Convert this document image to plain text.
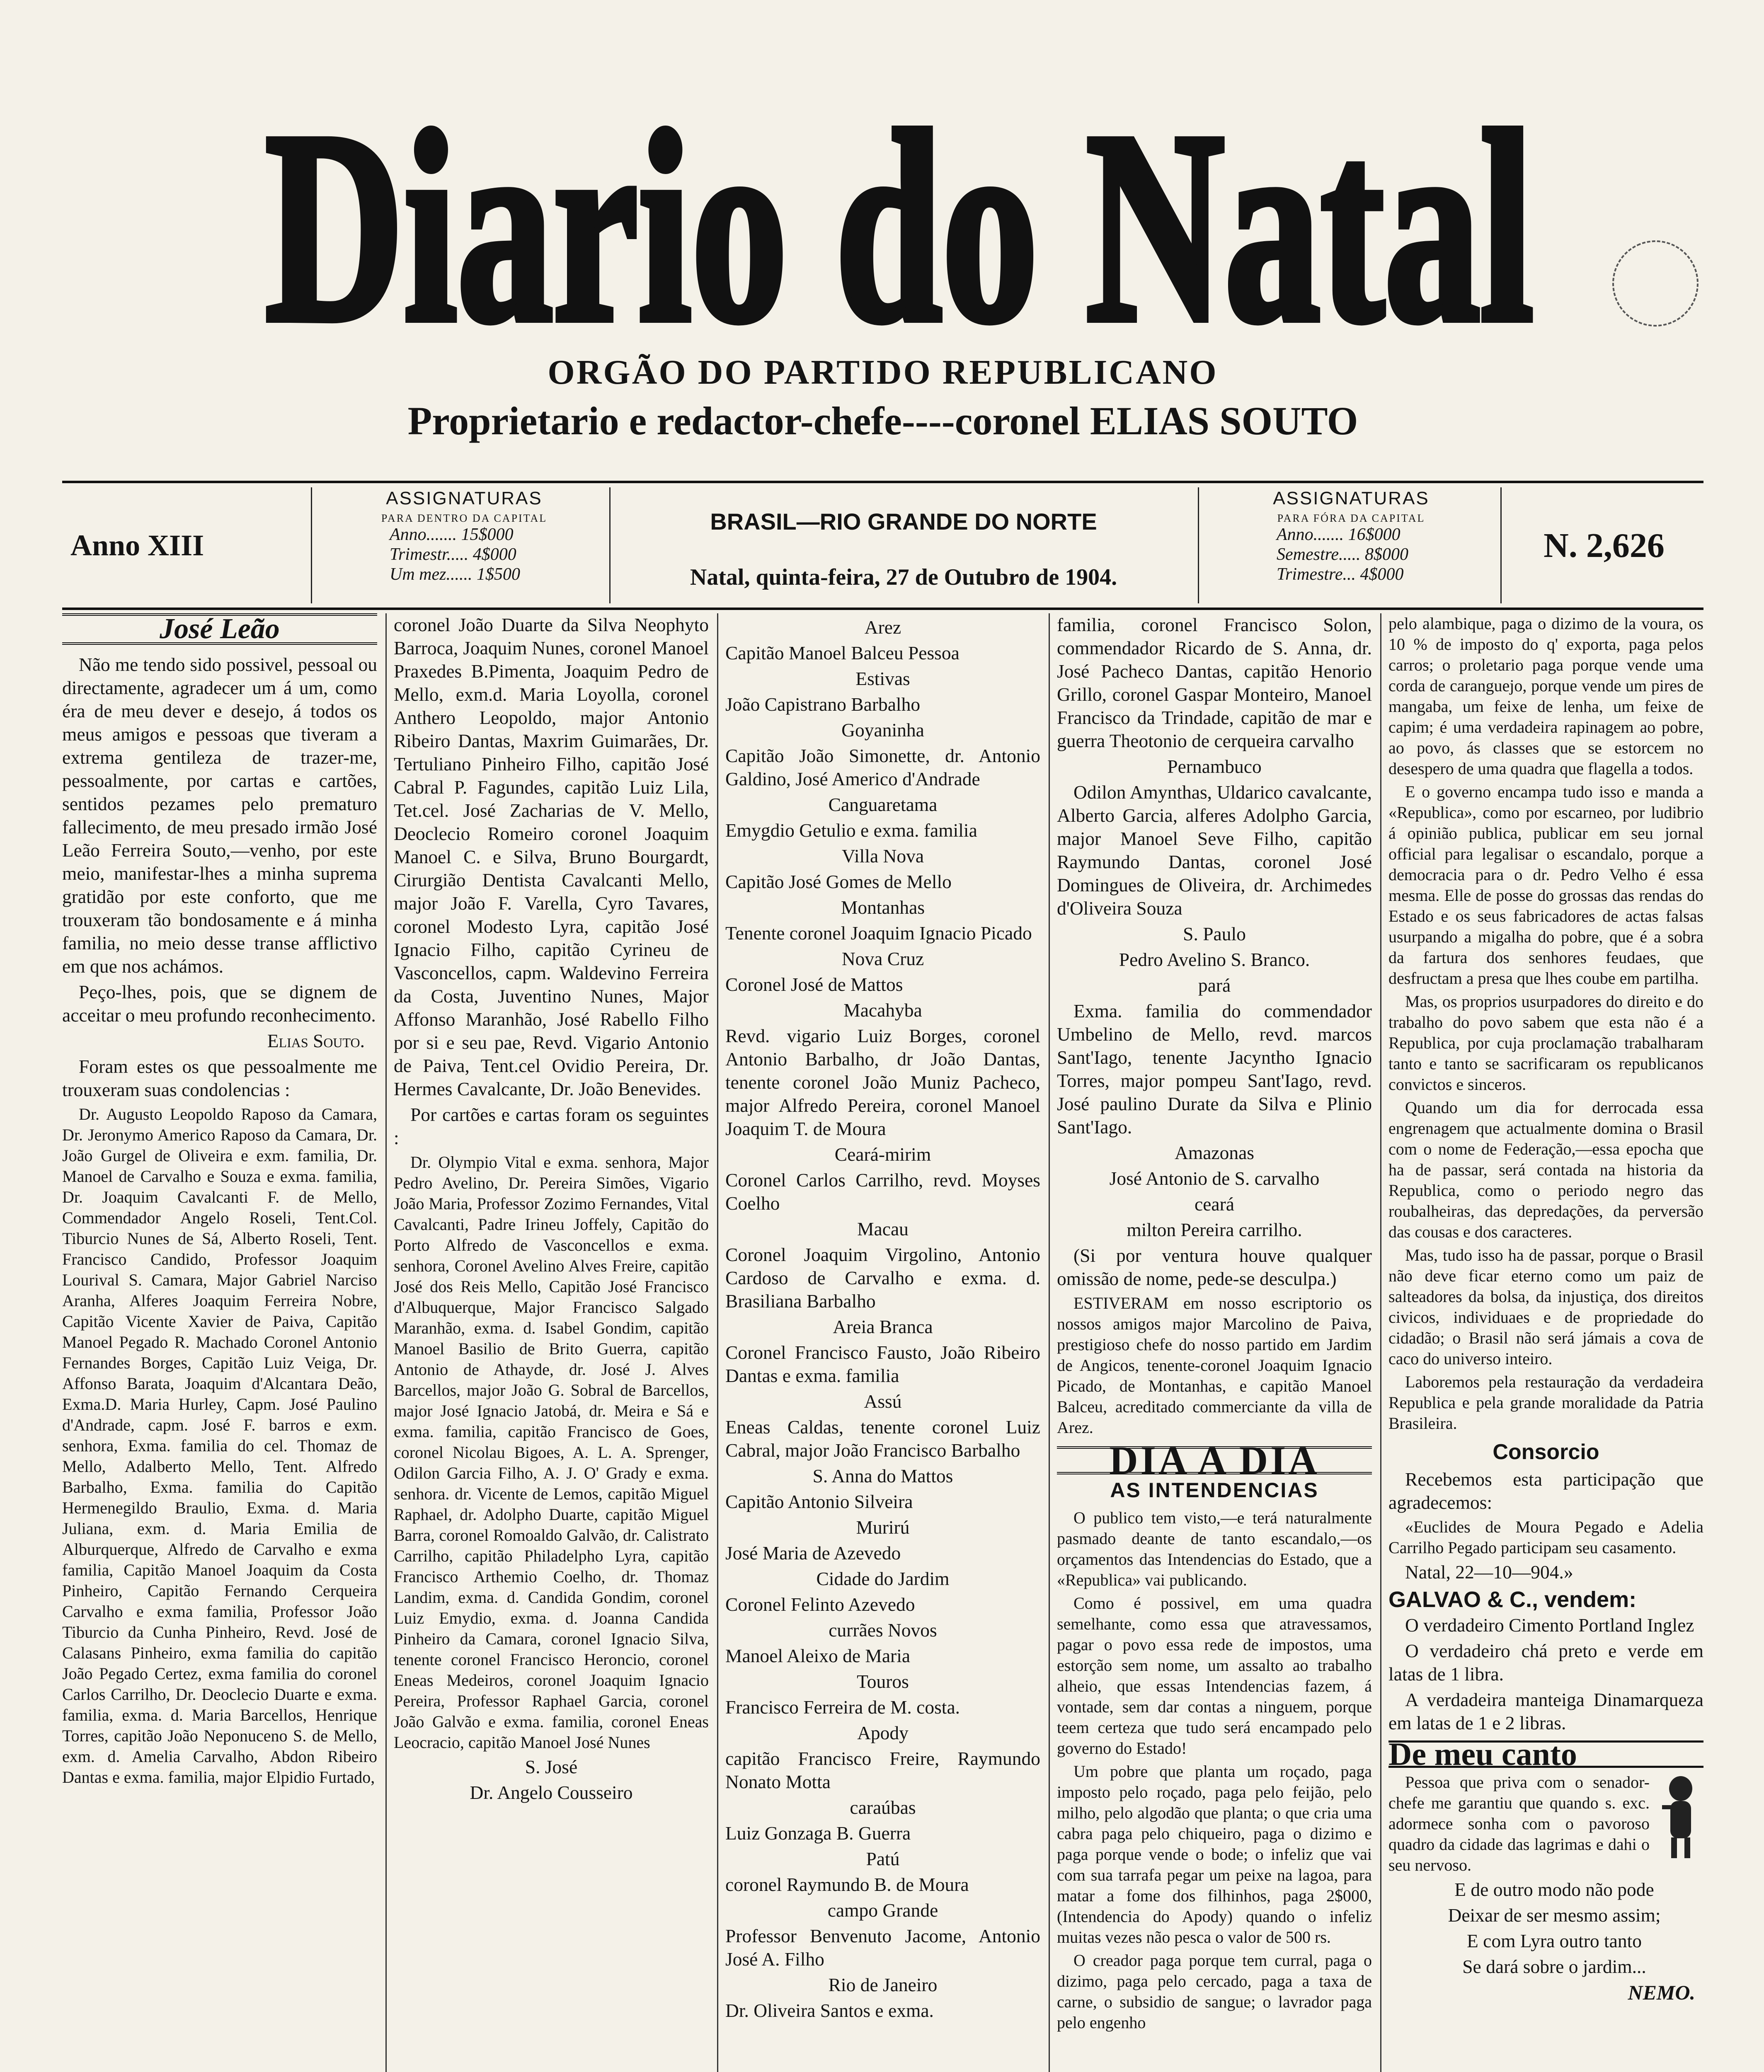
Diario do Natal
ORGÃO DO PARTIDO REPUBLICANO
Proprietario e redactor-chefe----coronel ELIAS SOUTO
Anno XIII
ASSIGNATURAS
PARA DENTRO DA CAPITAL
Anno....... 15$000
Trimestr..... 4$000
Um mez...... 1$500
BRASIL—RIO GRANDE DO NORTE
Natal, quinta-feira, 27 de Outubro de 1904.
ASSIGNATURAS
PARA FÓRA DA CAPITAL
Anno....... 16$000
Semestre..... 8$000
Trimestre... 4$000
N. 2,626
José Leão

Não me tendo sido possivel, pessoal ou directamente, agradecer um á um, como éra de meu dever e desejo, á todos os meus amigos e pessoas que tiveram a extrema gentileza de trazer-me, pessoalmente, por cartas e cartões, sentidos pezames pelo prematuro fallecimento, de meu presado irmão José Leão Ferreira Souto,—venho, por este meio, manifestar-lhes a minha suprema gratidão por este conforto, que me trouxeram tão bondosamente e á minha familia, no meio desse transe afflictivo em que nos achámos.

Peço-lhes, pois, que se dignem de acceitar o meu profundo reconhecimento.

Elias Souto.

Foram estes os que pessoalmente me trouxeram suas condolencias :

Dr. Augusto Leopoldo Raposo da Camara, Dr. Jeronymo Americo Raposo da Camara, Dr. João Gurgel de Oliveira e exm. familia, Dr. Manoel de Carvalho e Souza e exma. familia, Dr. Joaquim Cavalcanti F. de Mello, Commendador Angelo Roseli, Tent.Col. Tiburcio Nunes de Sá, Alberto Roseli, Tent. Francisco Candido, Professor Joaquim Lourival S. Camara, Major Gabriel Narciso Aranha, Alferes Joaquim Ferreira Nobre, Capitão Vicente Xavier de Paiva, Capitão Manoel Pegado R. Machado Coronel Antonio Fernandes Borges, Capitão Luiz Veiga, Dr. Affonso Barata, Joaquim d'Alcantara Deão, Exma.D. Maria Hurley, Capm. José Paulino d'Andrade, capm. José F. barros e exm. senhora, Exma. familia do cel. Thomaz de Mello, Adalberto Mello, Tent. Alfredo Barbalho, Exma. familia do Capitão Hermenegildo Braulio, Exma. d. Maria Juliana, exm. d. Maria Emilia de Alburquerque, Alfredo de Carvalho e exma familia, Capitão Manoel Joaquim da Costa Pinheiro, Capitão Fernando Cerqueira Carvalho e exma familia, Professor João Tiburcio da Cunha Pinheiro, Revd. José de Calasans Pinheiro, exma familia do capitão João Pegado Certez, exma familia do coronel Carlos Carrilho, Dr. Deoclecio Duarte e exma. familia, exma. d. Maria Barcellos, Henrique Torres, capitão João Neponuceno S. de Mello, exm. d. Amelia Carvalho, Abdon Ribeiro Dantas e exma. familia, major Elpidio Furtado,

coronel João Duarte da Silva Neophyto Barroca, Joaquim Nunes, coronel Manoel Praxedes B.Pimenta, Joaquim Pedro de Mello, exm.d. Maria Loyolla, coronel Anthero Leopoldo, major Antonio Ribeiro Dantas, Maxrim Guimarães, Dr. Tertuliano Pinheiro Filho, capitão José Cabral P. Fagundes, capitão Luiz Lila, Tet.cel. José Zacharias de V. Mello, Deoclecio Romeiro coronel Joaquim Manoel C. e Silva, Bruno Bourgardt, Cirurgião Dentista Cavalcanti Mello, major João F. Varella, Cyro Tavares, coronel Modesto Lyra, capitão José Ignacio Filho, capitão Cyrineu de Vasconcellos, capm. Waldevino Ferreira da Costa, Juventino Nunes, Major Affonso Maranhão, José Rabello Filho por si e seu pae, Revd. Vigario Antonio de Paiva, Tent.cel Ovidio Pereira, Dr. Hermes Cavalcante, Dr. João Benevides.

Por cartões e cartas foram os seguintes :

Dr. Olympio Vital e exma. senhora, Major Pedro Avelino, Dr. Pereira Simões, Vigario João Maria, Professor Zozimo Fernandes, Vital Cavalcanti, Padre Irineu Joffely, Capitão do Porto Alfredo de Vasconcellos e exma. senhora, Coronel Avelino Alves Freire, capitão José dos Reis Mello, Capitão José Francisco d'Albuquerque, Major Francisco Salgado Maranhão, exma. d. Isabel Gondim, capitão Manoel Basilio de Brito Guerra, capitão Antonio de Athayde, dr. José J. Alves Barcellos, major João G. Sobral de Barcellos, major José Ignacio Jatobá, dr. Meira e Sá e exma. familia, capitão Francisco de Goes, coronel Nicolau Bigoes, A. L. A. Sprenger, Odilon Garcia Filho, A. J. O' Grady e exma. senhora. dr. Vicente de Lemos, capitão Miguel Raphael, dr. Adolpho Duarte, capitão Miguel Barra, coronel Romoaldo Galvão, dr. Calistrato Carrilho, capitão Philadelpho Lyra, capitão Francisco Arthemio Coelho, dr. Thomaz Landim, exma. d. Candida Gondim, coronel Luiz Emydio, exma. d. Joanna Candida Pinheiro da Camara, coronel Ignacio Silva, tenente coronel Francisco Heroncio, coronel Eneas Medeiros, coronel Joaquim Ignacio Pereira, Professor Raphael Garcia, coronel João Galvão e exma. familia, coronel Eneas Leocracio, capitão Manoel José Nunes

S. José
Dr. Angelo Cousseiro
Arez

Capitão Manoel Balceu Pessoa

Estivas

João Capistrano Barbalho

Goyaninha

Capitão João Simonette, dr. Antonio Galdino, José Americo d'Andrade

Canguaretama

Emygdio Getulio e exma. familia

Villa Nova

Capitão José Gomes de Mello

Montanhas

Tenente coronel Joaquim Ignacio Picado

Nova Cruz

Coronel José de Mattos

Macahyba

Revd. vigario Luiz Borges, coronel Antonio Barbalho, dr João Dantas, tenente coronel João Muniz Pacheco, major Alfredo Pereira, coronel Manoel Joaquim T. de Moura

Ceará-mirim

Coronel Carlos Carrilho, revd. Moyses Coelho

Macau

Coronel Joaquim Virgolino, Antonio Cardoso de Carvalho e exma. d. Brasiliana Barbalho

Areia Branca

Coronel Francisco Fausto, João Ribeiro Dantas e exma. familia

Assú

Eneas Caldas, tenente coronel Luiz Cabral, major João Francisco Barbalho

S. Anna do Mattos

Capitão Antonio Silveira

Murirú

José Maria de Azevedo

Cidade do Jardim

Coronel Felinto Azevedo

currães Novos

Manoel Aleixo de Maria

Touros

Francisco Ferreira de M. costa.

Apody

capitão Francisco Freire, Raymundo Nonato Motta

caraúbas

Luiz Gonzaga B. Guerra

Patú

coronel Raymundo B. de Moura

campo Grande

Professor Benvenuto Jacome, Antonio José A. Filho

Rio de Janeiro

Dr. Oliveira Santos e exma.

familia, coronel Francisco Solon, commendador Ricardo de S. Anna, dr. José Pacheco Dantas, capitão Henorio Grillo, coronel Gaspar Monteiro, Manoel Francisco da Trindade, capitão de mar e guerra Theotonio de cerqueira carvalho

Pernambuco

Odilon Amynthas, Uldarico cavalcante, Alberto Garcia, alferes Adolpho Garcia, major Manoel Seve Filho, capitão Raymundo Dantas, coronel José Domingues de Oliveira, dr. Archimedes d'Oliveira Souza

S. Paulo
Pedro Avelino S. Branco.
pará

Exma. familia do commendador Umbelino de Mello, revd. marcos Sant'Iago, tenente Jacyntho Ignacio Torres, major pompeu Sant'Iago, revd. José paulino Durate da Silva e Plinio Sant'Iago.

Amazonas
José Antonio de S. carvalho
ceará
milton Pereira carrilho.

(Si por ventura houve qualquer omissão de nome, pede-se desculpa.)

ESTIVERAM em nosso escriptorio os nossos amigos major Marcolino de Paiva, prestigioso chefe do nosso partido em Jardim de Angicos, tenente-coronel Joaquim Ignacio Picado, de Montanhas, e capitão Manoel Balceu, acreditado commerciante da villa de Arez.

DIA A DIA
AS INTENDENCIAS

O publico tem visto,—e terá naturalmente pasmado deante de tanto escandalo,—os orçamentos das Intendencias do Estado, que a «Republica» vai publicando.

Como é possivel, em uma quadra semelhante, como essa que atravessamos, pagar o povo essa rede de impostos, uma estorção sem nome, um assalto ao trabalho alheio, que essas Intendencias fazem, á vontade, sem dar contas a ninguem, porque teem certeza que tudo será encampado pelo governo do Estado!

Um pobre que planta um roçado, paga imposto pelo roçado, paga pelo feijão, pelo milho, pelo algodão que planta; o que cria uma cabra paga pelo chiqueiro, paga o dizimo e paga porque vende o bode; o infeliz que vai com sua tarrafa pegar um peixe na lagoa, para matar a fome dos filhinhos, paga 2$000, (Intendencia do Apody) quando o infeliz muitas vezes não pesca o valor de 500 rs.

O creador paga porque tem curral, paga o dizimo, paga pelo cercado, paga a taxa de carne, o subsidio de sangue; o lavrador paga pelo engenho

pelo alambique, paga o dizimo de la voura, os 10 % de imposto do q' exporta, paga pelos carros; o proletario paga porque vende uma corda de caranguejo, porque vende um pires de mangaba, um feixe de lenha, um feixe de capim; é uma verdadeira rapinagem ao pobre, ao povo, ás classes que se estorcem no desespero de uma quadra que flagella a todos.

E o governo encampa tudo isso e manda a «Republica», como por escarneo, por ludibrio á opinião publica, publicar em seu jornal official para legalisar o escandalo, porque a democracia para o dr. Pedro Velho é essa mesma. Elle de posse do grossas das rendas do Estado e os seus fabricadores de actas falsas usurpando a migalha do pobre, que é a sobra da fartura dos senhores feudaes, que desfructam a presa que lhes coube em partilha.

Mas, os proprios usurpadores do direito e do trabalho do povo sabem que esta não é a Republica, por cuja proclamação trabalharam tanto e tanto se sacrificaram os republicanos convictos e sinceros.

Quando um dia for derrocada essa engrenagem que actualmente domina o Brasil com o nome de Federação,—essa epocha que ha de passar, será contada na historia da Republica, como o periodo negro das roubalheiras, das depredações, da perversão das cousas e dos caracteres.

Mas, tudo isso ha de passar, porque o Brasil não deve ficar eterno como um paiz de salteadores da bolsa, da injustiça, dos direitos civicos, individuaes e de propriedade do cidadão; o Brasil não será jámais a cova de caco do universo inteiro.

Laboremos pela restauração da verdadeira Republica e pela grande moralidade da Patria Brasileira.

Consorcio

Recebemos esta participação que agradecemos:

«Euclides de Moura Pegado e Adelia Carrilho Pegado participam seu casamento.

Natal, 22—10—904.»

GALVAO & C., vendem:

O verdadeiro Cimento Portland Inglez

O verdadeiro chá preto e verde em latas de 1 libra.

A verdadeira manteiga Dinamarqueza em latas de 1 e 2 libras.

De meu canto

Pessoa que priva com o senador-chefe me garantiu que quando s. exc. adormece sonha com o pavoroso quadro da cidade das lagrimas e dahi o seu nervoso.

E de outro modo não pode

Deixar de ser mesmo assim;

E com Lyra outro tanto

Se dará sobre o jardim...

NEMO.
